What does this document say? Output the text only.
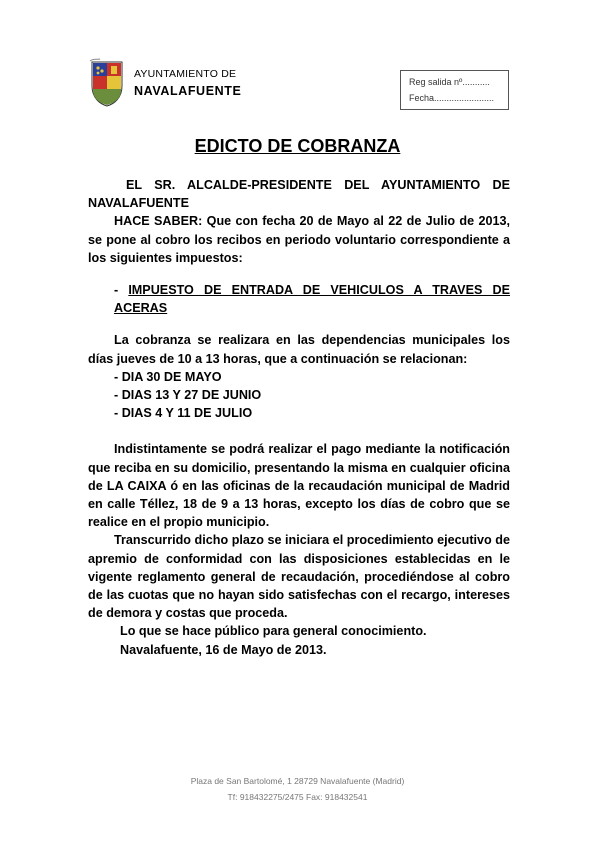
AYUNTAMIENTO DE
NAVALAFUENTE
Reg salida nº...........
Fecha........................
EDICTO DE COBRANZA

EL SR. ALCALDE-PRESIDENTE DEL AYUNTAMIENTO DE NAVALAFUENTE

HACE SABER: Que con fecha 20 de Mayo al 22 de Julio de 2013, se pone al cobro los recibos en periodo voluntario correspondiente a los siguientes impuestos:

- IMPUESTO DE ENTRADA DE VEHICULOS A TRAVES DE ACERAS

La cobranza se realizara en las dependencias municipales los días jueves de 10 a 13 horas, que a continuación se relacionan:

- DIA 30 DE MAYO

- DIAS 13 Y 27 DE JUNIO

- DIAS 4 Y 11 DE JULIO

Indistintamente se podrá realizar el pago mediante la notificación que reciba en su domicilio, presentando la misma en cualquier oficina de LA CAIXA ó en las oficinas de la recaudación municipal de Madrid en calle Téllez, 18 de 9 a 13 horas, excepto los días de cobro que se realice en el propio municipio.

Transcurrido dicho plazo se iniciara el procedimiento ejecutivo de apremio de conformidad con las disposiciones establecidas en le vigente reglamento general de recaudación, procediéndose al cobro de las cuotas que no hayan sido satisfechas con el recargo, intereses de demora y costas que proceda.

Lo que se hace público para general conocimiento.

Navalafuente, 16 de Mayo de 2013.

Plaza de San Bartolomé, 1 28729 Navalafuente (Madrid)
Tf: 918432275/2475 Fax: 918432541
